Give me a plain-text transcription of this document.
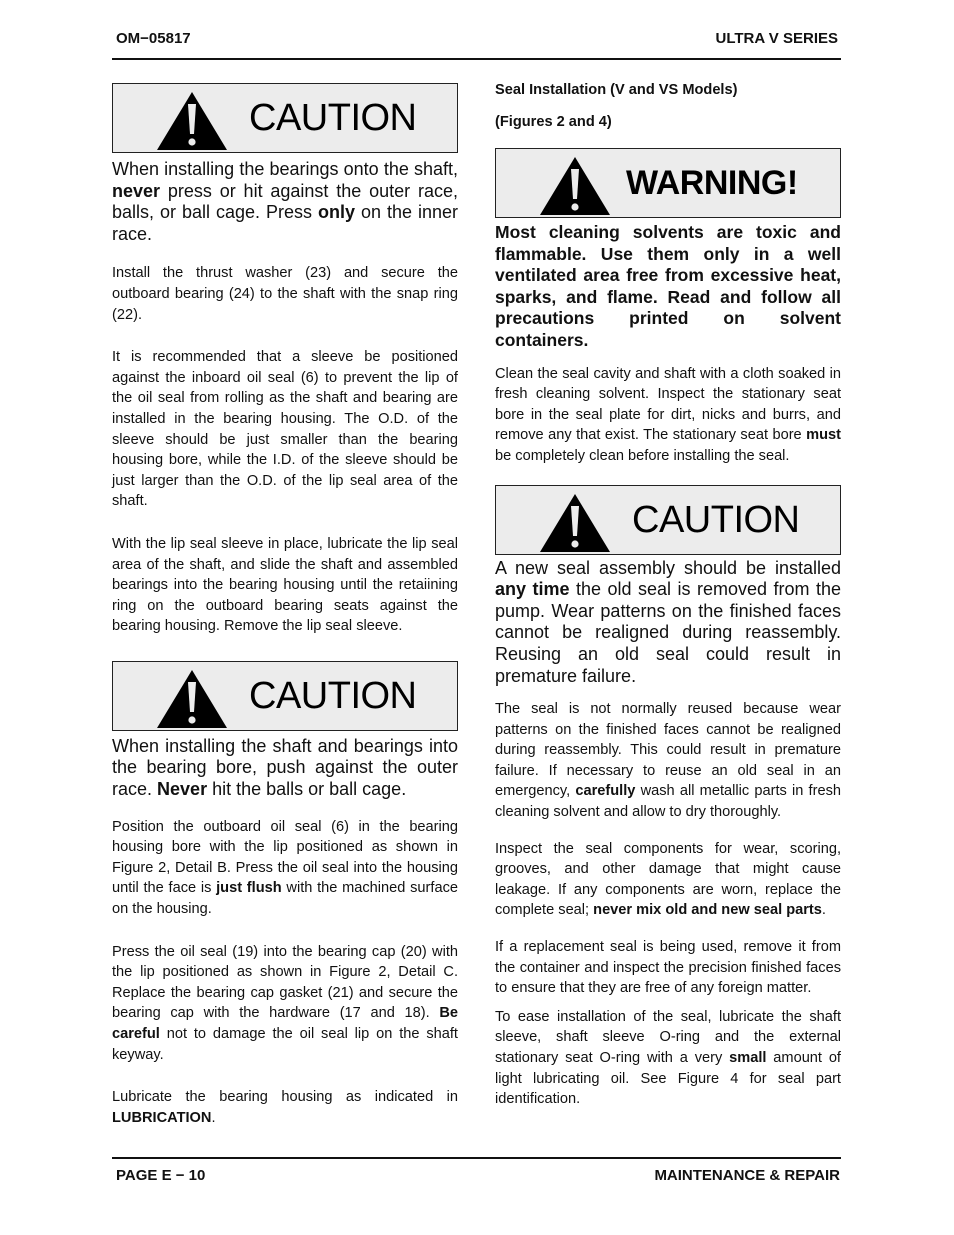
OM−05817	ULTRA V SERIES
CAUTION

When installing the bearings onto the shaft, never press or hit against the outer race, balls, or ball cage. Press only on the inner race.

Install the thrust washer (23) and secure the outboard bearing (24) to the shaft with the snap ring (22).

It is recommended that a sleeve be positioned against the inboard oil seal (6) to prevent the lip of the oil seal from rolling as the shaft and bearing are installed in the bearing housing. The O.D. of the sleeve should be just smaller than the bearing housing bore, while the I.D. of the sleeve should be just larger than the O.D. of the lip seal area of the shaft.

With the lip seal sleeve in place, lubricate the lip seal area of the shaft, and slide the shaft and assembled bearings into the bearing housing until the retaiining ring on the outboard bearing seats against the bearing housing. Remove the lip seal sleeve.

CAUTION

When installing the shaft and bearings into the bearing bore, push against the outer race. Never hit the balls or ball cage.

Position the outboard oil seal (6) in the bearing housing bore with the lip positioned as shown in Figure 2, Detail B. Press the oil seal into the housing until the face is just flush with the machined surface on the housing.

Press the oil seal (19) into the bearing cap (20) with the lip positioned as shown in Figure 2, Detail C. Replace the bearing cap gasket (21) and secure the bearing cap with the hardware (17 and 18). Be careful not to damage the oil seal lip on the shaft keyway.

Lubricate the bearing housing as indicated in LUBRICATION.

Seal Installation (V and VS Models)

(Figures 2 and 4)

WARNING!

Most cleaning solvents are toxic and flammable. Use them only in a well ventilated area free from excessive heat, sparks, and flame. Read and follow all precautions printed on solvent containers.

Clean the seal cavity and shaft with a cloth soaked in fresh cleaning solvent. Inspect the stationary seat bore in the seal plate for dirt, nicks and burrs, and remove any that exist. The stationary seat bore must be completely clean before installing the seal.

CAUTION

A new seal assembly should be installed any time the old seal is removed from the pump. Wear patterns on the finished faces cannot be realigned during reassembly. Reusing an old seal could result in premature failure.

The seal is not normally reused because wear patterns on the finished faces cannot be realigned during reassembly. This could result in premature failure. If necessary to reuse an old seal in an emergency, carefully wash all metallic parts in fresh cleaning solvent and allow to dry thoroughly.

Inspect the seal components for wear, scoring, grooves, and other damage that might cause leakage. If any components are worn, replace the complete seal; never mix old and new seal parts.

If a replacement seal is being used, remove it from the container and inspect the precision finished faces to ensure that they are free of any foreign matter.

To ease installation of the seal, lubricate the shaft sleeve, shaft sleeve O-ring and the external stationary seat O-ring with a very small amount of light lubricating oil. See Figure 4 for seal part identification.

PAGE E − 10	MAINTENANCE & REPAIR
